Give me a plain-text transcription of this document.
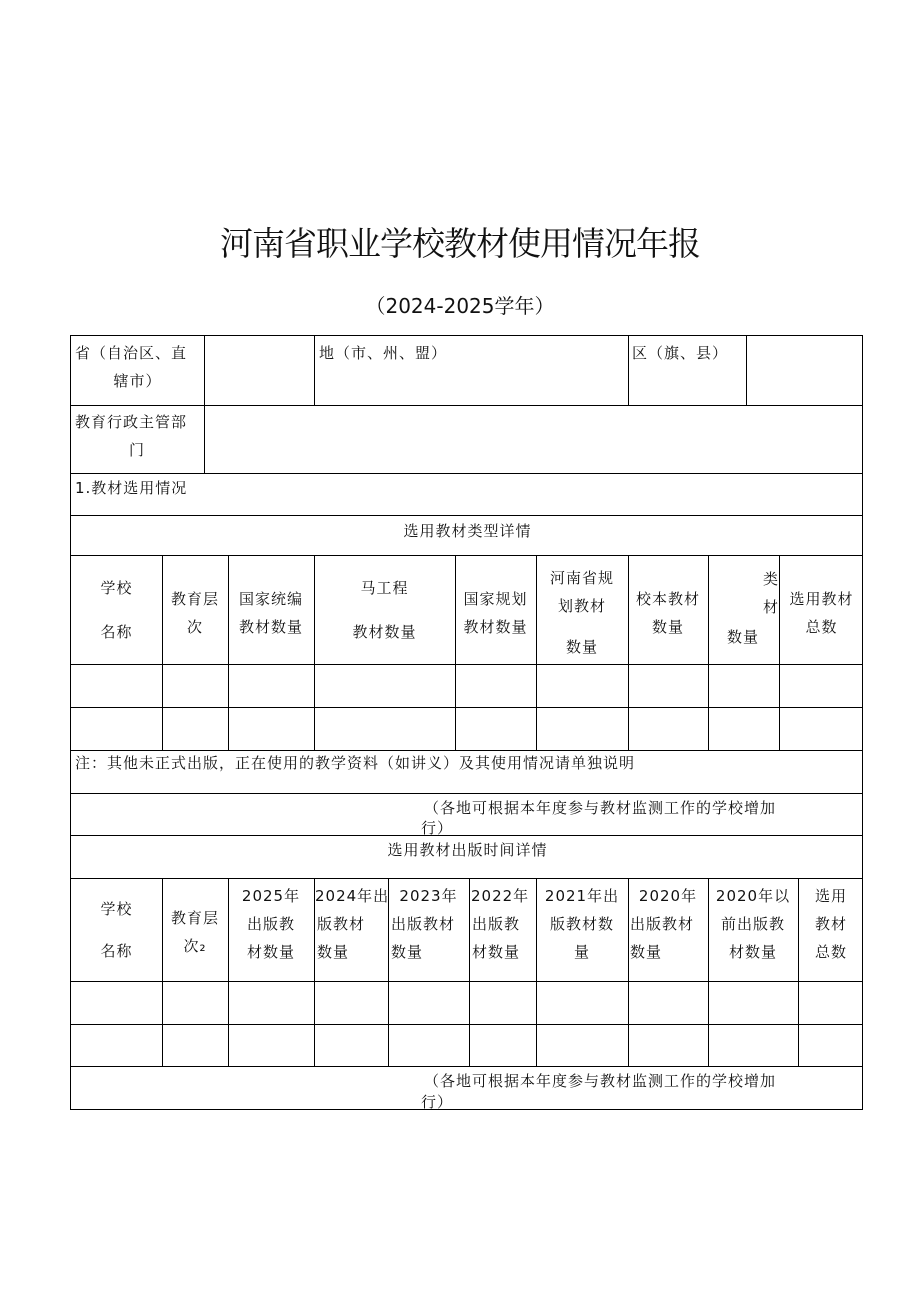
河南省职业学校教材使用情况年报
（2024-2025学年）
省（自治区、直
辖市）
地（市、州、盟）	区（旗、县）
教育行政主管部
门
1.教材选用情况
选用教材类型详情
学校
名称
教育层
次
国家统编
教材数量
马工程
教材数量
国家规划
教材数量
河南省规
划教材
数量
校本教材
数量
类
材
数量
选用教材
总数
注：其他未正式出版，正在使用的教学资料（如讲义）及其使用情况请单独说明
（各地可根据本年度参与教材监测工作的学校增加
行）
选用教材出版时间详情
学校
名称
教育层
次₂
2025年
出版教
材数量
2024年出
版教材
数量
2023年
出版教材
数量
2022年
出版教
材数量
2021年出
版教材数
量
2020年
出版教材
数量
2020年以
前出版教
材数量
选用
教材
总数
（各地可根据本年度参与教材监测工作的学校增加
行）
